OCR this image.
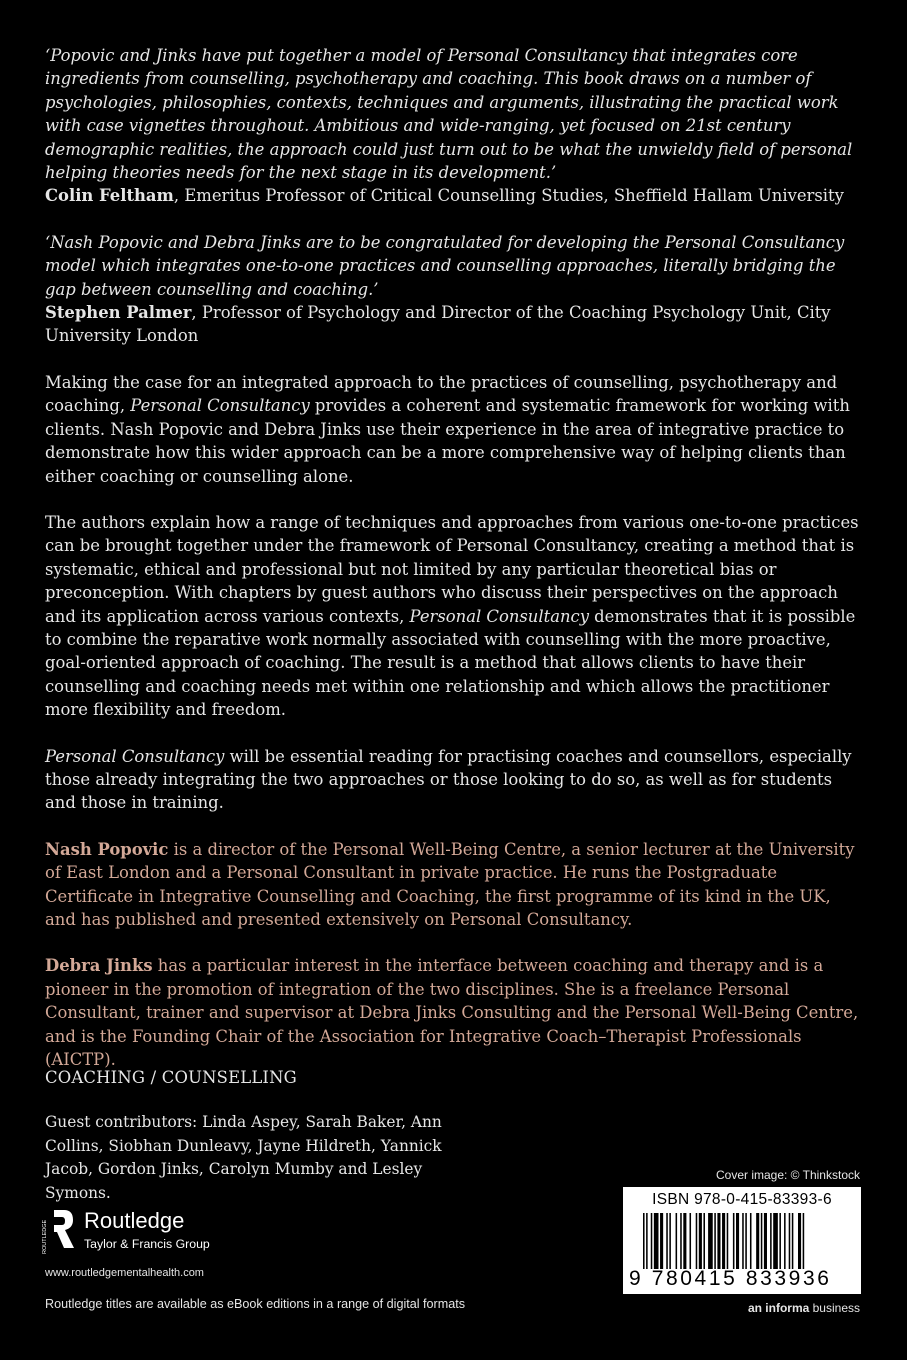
‘Popovic and Jinks have put together a model of Personal Consultancy that integrates core ingredients from counselling, psychotherapy and coaching. This book draws on a number of psychologies, philosophies, contexts, techniques and arguments, illustrating the practical work with case vignettes throughout. Ambitious and wide-ranging, yet focused on 21st century demographic realities, the approach could just turn out to be what the unwieldy field of personal helping theories needs for the next stage in its development.’
Colin Feltham, Emeritus Professor of Critical Counselling Studies, Sheffield Hallam University

‘Nash Popovic and Debra Jinks are to be congratulated for developing the Personal Consultancy model which integrates one-to-one practices and counselling approaches, literally bridging the gap between counselling and coaching.’
Stephen Palmer, Professor of Psychology and Director of the Coaching Psychology Unit, City University London

Making the case for an integrated approach to the practices of counselling, psychotherapy and coaching, Personal Consultancy provides a coherent and systematic framework for working with clients. Nash Popovic and Debra Jinks use their experience in the area of integrative practice to demonstrate how this wider approach can be a more comprehensive way of helping clients than either coaching or counselling alone.

The authors explain how a range of techniques and approaches from various one-to-one practices can be brought together under the framework of Personal Consultancy, creating a method that is systematic, ethical and professional but not limited by any particular theoretical bias or preconception. With chapters by guest authors who discuss their perspectives on the approach and its application across various contexts, Personal Consultancy demonstrates that it is possible to combine the reparative work normally associated with counselling with the more proactive, goal-oriented approach of coaching. The result is a method that allows clients to have their counselling and coaching needs met within one relationship and which allows the practitioner more flexibility and freedom.

Personal Consultancy will be essential reading for practising coaches and counsellors, especially those already integrating the two approaches or those looking to do so, as well as for students and those in training.

Nash Popovic is a director of the Personal Well-Being Centre, a senior lecturer at the University of East London and a Personal Consultant in private practice. He runs the Postgraduate Certificate in Integrative Counselling and Coaching, the first programme of its kind in the UK, and has published and presented extensively on Personal Consultancy.

Debra Jinks has a particular interest in the interface between coaching and therapy and is a pioneer in the promotion of integration of the two disciplines. She is a freelance Personal Consultant, trainer and supervisor at Debra Jinks Consulting and the Personal Well-Being Centre, and is the Founding Chair of the Association for Integrative Coach–Therapist Professionals (AICTP).

COACHING / COUNSELLING
Guest contributors: Linda Aspey, Sarah Baker, Ann Collins, Siobhan Dunleavy, Jayne Hildreth, Yannick Jacob, Gordon Jinks, Carolyn Mumby and Lesley Symons.
ROUTLEDGE Routledge
Taylor & Francis Group
www.routledgementalhealth.com
Routledge titles are available as eBook editions in a range of digital formats
Cover image: © Thinkstock
ISBN 978-0-415-83393-6
9 780415 833936
an informa business
